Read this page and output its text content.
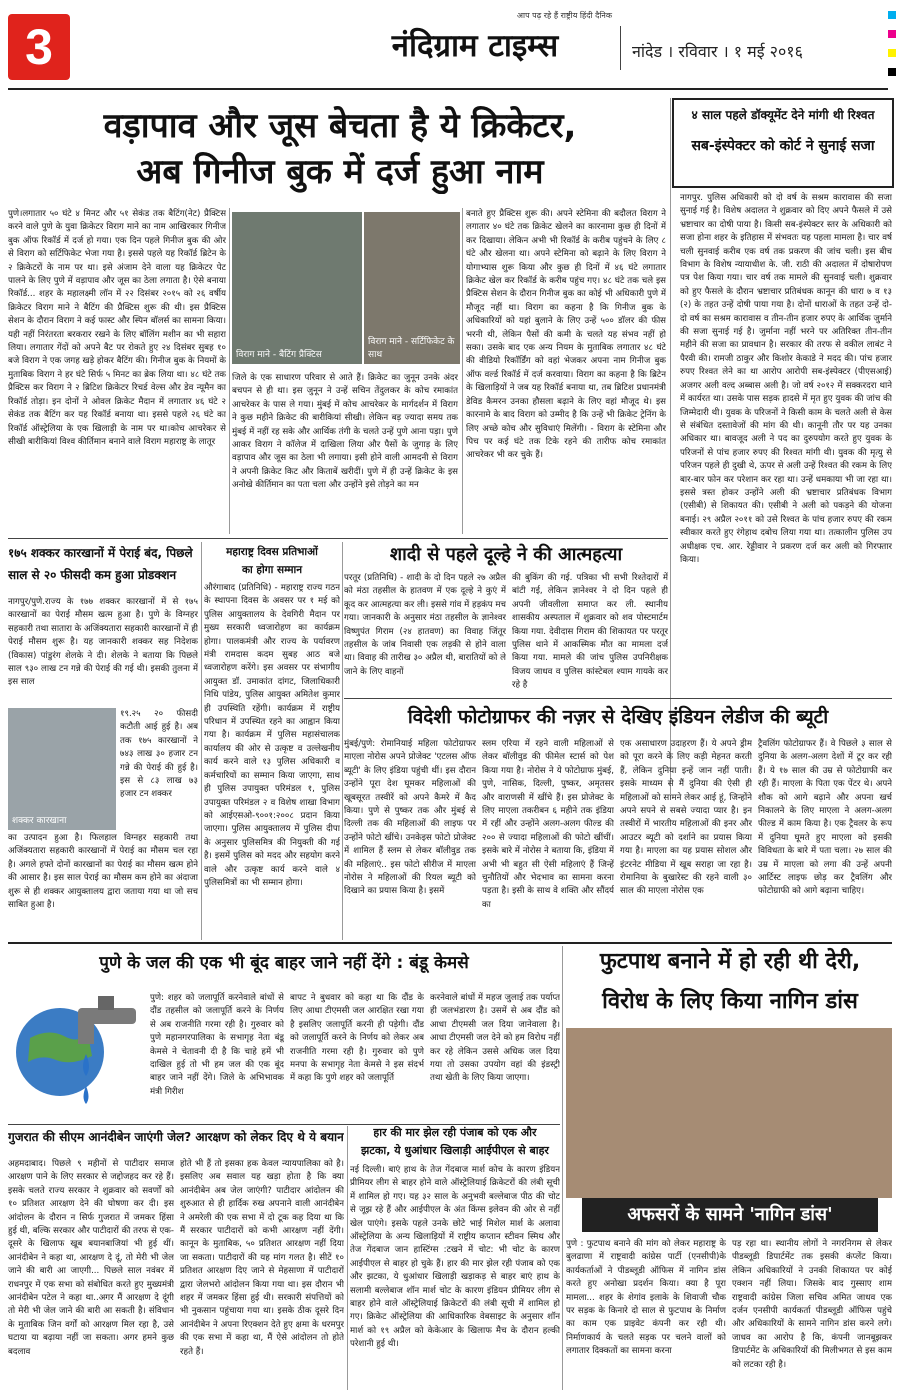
3
आप पढ़ रहे हैं राष्ट्रीय हिंदी दैनिक
नंदिग्राम टाइम्स	नांदेड । रविवार । १ मई २०१६
वड़ापाव और जूस बेचता है ये क्रिकेटर,
अब गिनीज बुक में दर्ज हुआ नाम
पुणे।लगातार ५० घंटे ४ मिनट और ५१ सेकंड तक बैटिंग(नेट) प्रैक्टिस करने वाले पुणे के युवा क्रिकेटर विराग माने का नाम आखिरकार गिनीज बुक ऑफ रिकॉर्ड में दर्ज हो गया। एक दिन पहले गिनीज बुक की ओर से विराग को सर्टिफिकेट भेजा गया है। इससे पहले यह रिकॉर्ड ब्रिटेन के २ क्रिकेटरों के नाम पर था। इसे अंजाम देने वाला यह क्रिकेटर पेट पालने के लिए पुणे में वड़ापाव और जूस का ठेला लगाता है। ऐसे बनाया रिकॉर्ड... शहर के महालक्ष्मी लॉन में २२ दिसंबर २०१५ को २६ वर्षीय क्रिकेटर विराग माने ने बैटिंग की प्रैक्टिस शुरू की थी। इस प्रैक्टिस सेशन के दौरान विराग ने कई फास्ट और स्पिन बॉलर्स का सामना किया। यही नहीं निरंतरता बरकरार रखने के लिए बॉलिंग मशीन का भी सहारा लिया। लगातार गेंदों को अपने बैट पर रोकते हुए २४ दिसंबर सुबह १० बजे विराग ने एक जगह खड़े होकर बैटिंग की। गिनीज बुक के नियमों के मुताबिक विराग ने हर घंटे सिर्फ ५ मिनट का ब्रेक लिया था। ४८ घंटे तक प्रैक्टिस कर विराग ने २ ब्रिटिश क्रिकेटर रिचर्ड वेल्स और डेव न्यूमैन का रिकॉर्ड तोड़ा। इन दोनों ने ओवल क्रिकेट मैदान में लगातार ४६ घंटे २ सेकंड तक बैटिंग कर यह रिकॉर्ड बनाया था। इससे पहले २६ घंटे का रिकॉर्ड ऑस्ट्रेलिया के एक खिलाड़ी के नाम पर था।कोच आचरेकर से सीखी बारीकियां विश्व कीर्तिमान बनाने वाले विराग महाराष्ट्र के लातूर
विराग माने - बैटिंग प्रैक्टिस
विराग माने - सर्टिफिकेट के साथ
जिले के एक साधारण परिवार से आते हैं। क्रिकेट का जुनून उनके अंदर बचपन से ही था। इस जुनून ने उन्हें सचिन तेंदुलकर के कोच रमाकांत आचरेकर के पास ले गया। मुंबई में कोच आचरेकर के मार्गदर्शन में विराग ने कुछ महीने क्रिकेट की बारीकियां सीखी। लेकिन बड़ ज्यादा समय तक मुंबई में नहीं रह सके और आर्थिक तंगी के चलते उन्हें पुणे आना पड़ा। पुणे आकर विराग ने कॉलेज में दाखिला लिया और पैसों के जुगाड़ के लिए वड़ापाव और जूस का ठेला भी लगाया। इसी होने वाली आमदनी से विराग ने अपनी क्रिकेट किट और किताबें खरीदीं। पुणे में ही उन्हें क्रिकेट के इस अनोखे कीर्तिमान का पता चला और उन्होंने इसे तोड़ने का मन
बनाते हुए प्रैक्टिस शुरू की। अपने स्टेमिना की बदौलत विराग ने लगातार ४० घंटे तक क्रिकेट खेलने का कारनामा कुछ ही दिनों में कर दिखाया। लेकिन अभी भी रिकॉर्ड के करीब पहुंचने के लिए ८ घंटे और खेलना था। अपने स्टेमिना को बढ़ाने के लिए विराग ने योगाभ्यास शुरू किया और कुछ ही दिनों में ४६ घंटे लगातार क्रिकेट खेल कर रिकॉर्ड के करीब पहुंच गए। ४८ घंटे तक चले इस प्रैक्टिस सेशन के दौरान गिनीज बुक का कोई भी अधिकारी पुणे में मौजूद नहीं था। विराग का कहना है कि गिनीज बुक के अधिकारियों को यहां बुलाने के लिए उन्हें ५०० डॉलर की फीस भरनी थी, लेकिन पैसों की कमी के चलते यह संभव नहीं हो सका। उसके बाद एक अन्य नियम के मुताबिक लगातार ४८ घंटे की वीडियो रिकॉर्डिंग को वहां भेजकर अपना नाम गिनीज बुक ऑफ वर्ल्ड रिकॉर्ड में दर्ज करवाया। विराग का कहना है कि ब्रिटेन के खिलाड़ियों ने जब यह रिकॉर्ड बनाया था, तब ब्रिटिश प्रधानमंत्री डेविड कैमरन उनका हौसला बढ़ाने के लिए वहां मौजूद थे। इस कारनामे के बाद विराग को उम्मीद है कि उन्हें भी क्रिकेट ट्रेनिंग के लिए अच्छे कोच और सुविधाएं मिलेंगी। - विराग के स्टेमिना और पिच पर कई घंटे तक टिके रहने की तारीफ कोच रमाकांत आचरेकर भी कर चुके हैं।
४ साल पहले डॉक्यूमेंट देने मांगी थी रिश्वत
सब-इंस्पेक्टर को कोर्ट ने सुनाई सजा
नागपुर. पुलिस अधिकारी को दो वर्ष के सश्रम कारावास की सजा सुनाई गई है। विशेष अदालत ने शुक्रवार को दिए अपने फैसले में उसे भ्रष्टाचार का दोषी पाया है। किसी सब-इंस्पेक्टर स्तर के अधिकारी को सजा होना शहर के इतिहास में संभवतः यह पहला मामला है। चार वर्ष चली सुनवाई करीब एक वर्ष तक प्रकरण की जांच चली। इस बीच विभाग के विशेष न्यायाधीश के. जी. राठी की अदालत में दोषारोपण पत्र पेश किया गया। चार वर्ष तक मामले की सुनवाई चली। शुक्रवार को हुए फैसले के दौरान भ्रष्टाचार प्रतिबंधक कानून की धारा ७ व १३ (२) के तहत उन्हें दोषी पाया गया है। दोनों धाराओं के तहत उन्हें दो-दो वर्ष का सश्रम कारावास व तीन-तीन हजार रुपए के आर्थिक जुर्माने की सजा सुनाई गई है। जुर्माना नहीं भरने पर अतिरिक्त तीन-तीन महीने की सजा का प्रावधान है। सरकार की तरफ से वकील लाबंट ने पैरवी की। रामजी ठाकुर और किशोर केकाडे ने मदद की। पांच हजार रुपए रिश्वत लेने का था आरोप आरोपी सब-इंस्पेक्टर (पीएसआई) अजगर अली वल्द अब्बास अली है। जो वर्ष २०१२ में सक्करदरा थाने में कार्यरत था। उसके पास सड़क हादसे में मृत हुए युवक की जांच की जिम्मेदारी थी। युवक के परिजनों ने किसी काम के चलते अली से केस से संबंधित दस्तावेजों की मांग की थी। कानूनी तौर पर यह उनका अधिकार था। बावजूद अली ने पद का दुरुपयोग करते हुए युवक के परिजनों से पांच हजार रुपए की रिश्वत मांगी थी। युवक की मृत्यु से परिजन पहले ही दुखी थे, ऊपर से अली उन्हें रिश्वत की रकम के लिए बार-बार फोन कर परेशान कर रहा था। उन्हें धमकाया भी जा रहा था। इससे त्रस्त होकर उन्होंने अली की भ्रष्टाचार प्रतिबंधक विभाग (एसीबी) से शिकायत की। एसीबी ने अली को पकड़ने की योजना बनाई। २९ अप्रैल २०११ को उसे रिश्वत के पांच हजार रुपए की रकम स्वीकार करते हुए रंगेहाथ दबोच लिया गया था। तत्कालीन पुलिस उप अधीक्षक एच. आर. रेड्डीवार ने प्रकरण दर्ज कर अली को गिरफ्तार किया।
१७५ शक्कर कारखानों में पेराई बंद, पिछले
साल से २० फीसदी कम हुआ प्रोडक्शन
नागपुर/पुणे.राज्य के १७७ शक्कर कारखानों में से १७५ कारखानों का पेराई मौसम खत्म हुआ है। पुणे के विग्नहर सहकारी तथा सातारा के अजिंक्यतारा सहकारी कारखानों में ही पेराई मौसम शुरू है। यह जानकारी शक्कर सह निदेशक (विकास) पांडुरंग शेलके ने दी। शेलके ने बताया कि पिछले साल ९३० लाख टन गन्ने की पेराई की गई थी। इसकी तुलना में इस साल
शक्कर कारखाना
१९.२५ २० फीसदी कटौती आई हुई है। अब तक १७५ कारखानों ने ७४३ लाख ३० हजार टन गन्ने की पेराई की हुई है। इस से ८३ लाख ७३ हजार टन शक्कर
का उत्पादन हुआ है। फिलहाल विग्नहर सहकारी तथा अजिंक्यतारा सहकारी कारखानों में पेराई का मौसम चल रहा है। अगले हफ्ते दोनों कारखानों का पेराई का मौसम खत्म होने की आसार है। इस साल पेराई का मौसम कम होने का अंदाजा शुरू से ही शक्कर आयुक्तालय द्वारा जताया गया था जो सच साबित हुआ है।
महाराष्ट्र दिवस प्रतिभाओं
का होगा सम्मान
औरंगाबाद (प्रतिनिधि) - महाराष्ट्र राज्य गठन के स्थापना दिवस के अवसर पर १ मई को पुलिस आयुक्तालय के देवगिरी मैदान पर मुख्य सरकारी ध्वजारोहण का कार्यक्रम होगा। पालकमंत्री और राज्य के पर्यावरण मंत्री रामदास कदम सुबह आठ बजे ध्वजारोहण करेंगे। इस अवसर पर संभागीय आयुक्त डॉ. उमाकांत दांगट, जिलाधिकारी निधि पांडेय, पुलिस आयुक्त अमितेश कुमार ही उपस्थिति रहेंगी। कार्यक्रम में राष्ट्रीय परिधान में उपस्थित रहने का आह्वान किया गया है। कार्यक्रम में पुलिस महासंचालक कार्यालय की ओर से उत्कृष्ट व उल्लेखनीय कार्य करने वाले १३ पुलिस अधिकारी व कर्मचारियों का सम्मान किया जाएगा, साथ ही पुलिस उपायुक्त परिमंडल १, पुलिस उपायुक्त परिमंडल २ व विशेष शाखा विभाग को आईएसओ-९००१:२००८ प्रदान किया जाएगा। पुलिस आयुक्तालय में पुलिस दीपा के अनुसार पुलिसमित्र की नियुक्ती की गई है। इसमें पुलिस को मदद और सहयोग करने वाले और उत्कृष्ट कार्य करने वाले ४ पुलिसमित्रों का भी सम्मान होगा।
शादी से पहले दूल्हे ने की आत्महत्या
परतूर (प्रतिनिधि) - शादी के दो दिन पहले २७ अप्रैल को मंठा तहसील के हातवण में एक दूल्हे ने कुएं में कूद कर आत्महत्या कर ली। इससे गांव में हड़कंप मच गया। जानकारी के अनुसार मंठा तहसील के ज्ञानेश्वर विष्णुपंत गिराम (२४ हातवण) का विवाह जिंतूर तहसील के जांब निवासी एक लड़की से होने वाला था। विवाह की तारीख ३० अप्रैल थी, बारातियों को ले जाने के लिए वाहनों
की बुकिंग की गई. पत्रिका भी सभी रिश्तेदारों में बांटी गई, लेकिन ज्ञानेश्वर ने दो दिन पहले ही अपनी जीवलीला समाप्त कर ली. स्थानीय शासकीय अस्पताल में शुक्रवार को शव पोस्टमार्टम किया गया. देवीदास गिराम की शिकायत पर परतूर पुलिस थाने में आकस्मिक मौत का मामला दर्ज किया गया. मामले की जांच पुलिस उपनिरीक्षक विजय जाधव व पुलिस कांस्टेबल श्याम गायके कर रहे है
विदेशी फोटोग्राफर की नज़र से देखिए इंडियन लेडीज की ब्यूटी
मुंबई/पुणे: रोमानियाई महिला फोटोग्राफर माएला नोरोस अपने प्रोजेक्ट 'एटलस ऑफ ब्यूटी' के लिए इंडिया पहुंची थीं। इस दौरान उन्होंने पूरा देश घूमकर महिलाओं की खूबसूरत तस्वीरें को अपने कैमरे में कैद किया। पुणे से पुष्कर तक और मुंबई से दिल्ली तक की महिलाओं की लाइफ पर उन्होंने फोटो खींचे। उनकेइस फोटो प्रोजेक्ट में शामिल हैं स्लम से लेकर बॉलीवुड तक की महिलाएं.. इस फोटो सीरीज में माएला नोरोस ने महिलाओं की रियल ब्यूटी को दिखाने का प्रयास किया है। इसमें
स्लम एरिया में रहने वाली महिलाओं से लेकर बॉलीवुड की फीमेल स्टार्स को पेश किया गया है। नोरोस ने ये फोटोग्राफ मुंबई, पुणे, नासिक, दिल्ली, पुष्कर, अमृतसर और वाराणसी में खींचे हैं। इस प्रोजेक्ट के लिए माएला तकरीबन ६ महीने तक इंडिया में रहीं और उन्होंने अलग-अलग फील्ड की २०० से ज्यादा महिलाओं की फोटो खींचीं। इसके बारे में नोरोस ने बताया कि, इंडिया में अभी भी बहुत सी ऐसी महिलाएं हैं जिन्हें चुनौतियों और भेदभाव का सामना करना पड़ता है। इसी के साथ वे शक्ति और सौंदर्य का
एक असाधारण उदाहरण हैं। ये अपने ड्रीम को पूरा करने के लिए कड़ी मेहनत करती हैं, लेकिन दुनिया इन्हें जान नहीं पाती। इसके माध्यम से मैं दुनिया की ऐसी ही महिलाओं को सामने लेकर आई हूं, जिन्होंने अपने सपने से सबसे ज्यादा प्यार है। इन तस्वीरों में भारतीय महिलाओं की इनर और आउटर ब्यूटी को दर्शाने का प्रयास किया गया है। माएला का यह प्रयास सोशल और इंटरनेट मीडिया में खूब सराहा जा रहा है। रोमानिया के बुखारेस्ट की रहने वाली ३० साल की माएला नोरोस एक
ट्रैवलिंग फोटोग्राफर हैं। वे पिछले ३ साल से दुनिया के अलग-अलग देशों में टूर कर रही हैं। ये १७ साल की उम्र से फोटोग्राफी कर रही हैं। माएला के पिता एक पेंटर थे। अपने शौक को आगे बढ़ाने और अपना खर्च निकालने के लिए माएला ने अलग-अलग फील्ड में काम किया है। एक ट्रैवलर के रूप में दुनिया घूमते हुए माएला को इसकी विविधता के बारे में पता चला। २७ साल की उम्र में माएला को लगा की उन्हें अपनी आर्टिस्ट लाइफ छोड़ कर ट्रैवलिंग और फोटोग्राफी को आगे बढ़ाना चाहिए।
पुणे के जल की एक भी बूंद बाहर जाने नहीं देंगे : बंडू केमसे
पुणे: शहर को जलापूर्ति करनेवाले बांधों से दौंड तहसील को जलापूर्ति करने के निर्णय से अब राजनीति गरमा रही है। गुरुवार को पुणे महानगरपालिका के सभागृह नेता बंडू केमसे ने चेतावनी दी है कि चाहे हमें भी दाखिल हुई तो भी हम जल की एक बूंद बाहर जाने नहीं देंगे। जिले के अभिभावक मंत्री गिरीश
बापट ने बुधवार को कहा था कि दौंड के लिए आधा टीएमसी जल आरक्षित रखा गया है इसलिए जलापूर्ति करनी ही पड़ेगी। दौंड को जलापूर्ति करने के निर्णय को लेकर अब राजनीति गरमा रही है। गुरुवार को पुणे मनपा के सभागृह नेता केमसे ने इस संदर्भ में कहा कि पुणे शहर को जलापूर्ति
करनेवाले बांधों में महज जुलाई तक पर्याप्त ही जलभंडारण है। उसमें से अब दौंड को आधा टीएमसी जल दिया जानेवाला है। आधा टीएमसी जल देने को हम विरोध नहीं कर रहे लेकिन उससे अधिक जल दिया गया तो उसका उपयोग वहां की इंडस्ट्री तथा खेती के लिए किया जाएगा।
गुजरात की सीएम आनंदीबेन जाएंगी जेल? आरक्षण को लेकर दिए थे ये बयान
अहमदाबाद। पिछले ९ महीनों से पाटीदार समाज आरक्षण पाने के लिए सरकार से जद्दोजहद कर रहे हैं। इसके चलते राज्य सरकार ने शुक्रवार को सवर्णों को १० प्रतिशत आरक्षण देने की घोषणा कर दी। इस आंदोलन के दौरान न सिर्फ गुजरात में जमकर हिंसा हुई थी, बल्कि सरकार और पाटीदारों की तरफ से एक-दूसरे के खिलाफ खूब बयानबाजियां भी हुई थीं। आनंदीबेन ने कहा था, आरक्षण दे दूं, तो मेरी भी जेल जाने की बारी आ जाएगी... पिछले साल नवंबर में राधनपुर में एक सभा को संबोधित करते हुए मुख्यमंत्री आनंदीबेन पटेल ने कहा था..अगर मैं आरक्षण दे दूंगी तो मेरी भी जेल जाने की बारी आ सकती है। संविधान के मुताबिक जिन वर्गों को आरक्षण मिल रहा है, उसे घटाया या बढ़ाया नहीं जा सकता। अगर हमने कुछ बदलाव
होते भी हैं तो इसका हक केवल न्यायपालिका को है। इसलिए अब सवाल यह खड़ा होता है कि क्या आनंदीबेन अब जेल जाएंगी? पाटीदार आंदोलन की शुरुआत से ही हार्दिक रुख अपनाने वाली आनंदीबेन ने अमरेली की एक सभा में दो टूक कह दिया था कि मैं सरकार पाटीदारों को कभी आरक्षण नहीं देंगी। कानून के मुताबिक, ५० प्रतिशत आरक्षण नहीं दिया जा सकता। पाटीदारों की यह मांग गलत है। सीटें १० प्रतिशत आरक्षण दिए जाने से मेहसाणा में पाटीदारों द्वारा जेलभरो आंदोलन किया गया था। इस दौरान भी शहर में जमकर हिंसा हुई थी। सरकारी संपत्तियों को भी नुकसान पहुंचाया गया था। इसके ठीक दूसरे दिन आनंदीबेन ने अपना रिएक्शन देते हुए क्षमा के धरमपुर की एक सभा में कहा था, मैं ऐसे आंदोलन तो होते रहते हैं।
हार की मार झेल रही पंजाब को एक और
झटका, ये धुआंधार खिलाड़ी आईपीएल से बाहर
नई दिल्ली। बाएं हाथ के तेज गेंदबाज मार्श कोच के कारण इंडियन प्रीमियर लीग से बाहर होने वाले ऑस्ट्रेलियाई क्रिकेटरों की लंबी सूची में शामिल हो गए। यह ३२ साल के अनुभवी बल्लेबाज पीठ की चोट से जूझ रहे हैं और आईपीएल के अंत किंग्स इलेवन की ओर से नहीं खेल पाएंगे। इसके पहले उनके छोटे भाई मिशेल मार्श के अलावा ऑस्ट्रेलिया के अन्य खिलाड़ियों में राष्ट्रीय कप्तान स्टीवन स्मिथ और तेज गेंदबाज जान हास्टिंग्स :टखने में चोट: भी चोट के कारण आईपीएल से बाहर हो चुके हैं। हार की मार झेल रही पंजाब को एक और झटका, ये धुआंधार खिलाड़ी खड़ाकड़ से बाहर बाएं हाथ के सलामी बल्लेबाज शॉन मार्श चोट के कारण इंडियन प्रीमियर लीग से बाहर होने वाले ऑस्ट्रेलियाई क्रिकेटरों की लंबी सूची में शामिल हो गए। क्रिकेट ऑस्ट्रेलिया की आधिकारिक वेबसाइट के अनुसार शॉन मार्श को १९ अप्रैल को केकेआर के खिलाफ मैच के दौरान हल्की परेशानी हुई थी।
फुटपाथ बनाने में हो रही थी देरी,
विरोध के लिए किया नागिन डांस
अफसरों के सामने 'नागिन डांस'
पुणे : फुटपाथ बनाने की मांग को लेकर महाराष्ट्र के बुलढाणा में राष्ट्रवादी कांग्रेस पार्टी (एनसीपी)के कार्यकर्ताओं ने पीडब्लूडी ऑफिस में नागिन डांस करते हुए अनोखा प्रदर्शन किया। क्या है पूरा मामला... शहर के शेगांव इलाके के शिवाजी चौक पर सड़क के किनारे दो साल से फुटपाथ के निर्माण का काम एक प्राइवेट कंपनी कर रही थी। निर्माणकार्य के चलते सड़क पर चलने वालों को लगातार दिक्कतों का सामना करना
पड़ रहा था। स्थानीय लोगों ने नगरनिगम से लेकर पीडब्लूडी डिपार्टमेंट तक इसकी कंप्लेंट किया। लेकिन अधिकारियों ने उनकी शिकायत पर कोई एक्शन नहीं लिया। जिसके बाद गुस्साए शाम राष्ट्रवादी कांग्रेस जिला सचिव अमित जाधव एक दर्जन एनसीपी कार्यकर्ता पीडब्लूडी ऑफिस पहुंचे और अधिकारियों के सामने नागिन डांस करने लगे। जाधव का आरोप है कि, कंपनी जानबूझकर डिपार्टमेंट के अधिकारियों की मिलीभगत से इस काम को लटका रही है।
